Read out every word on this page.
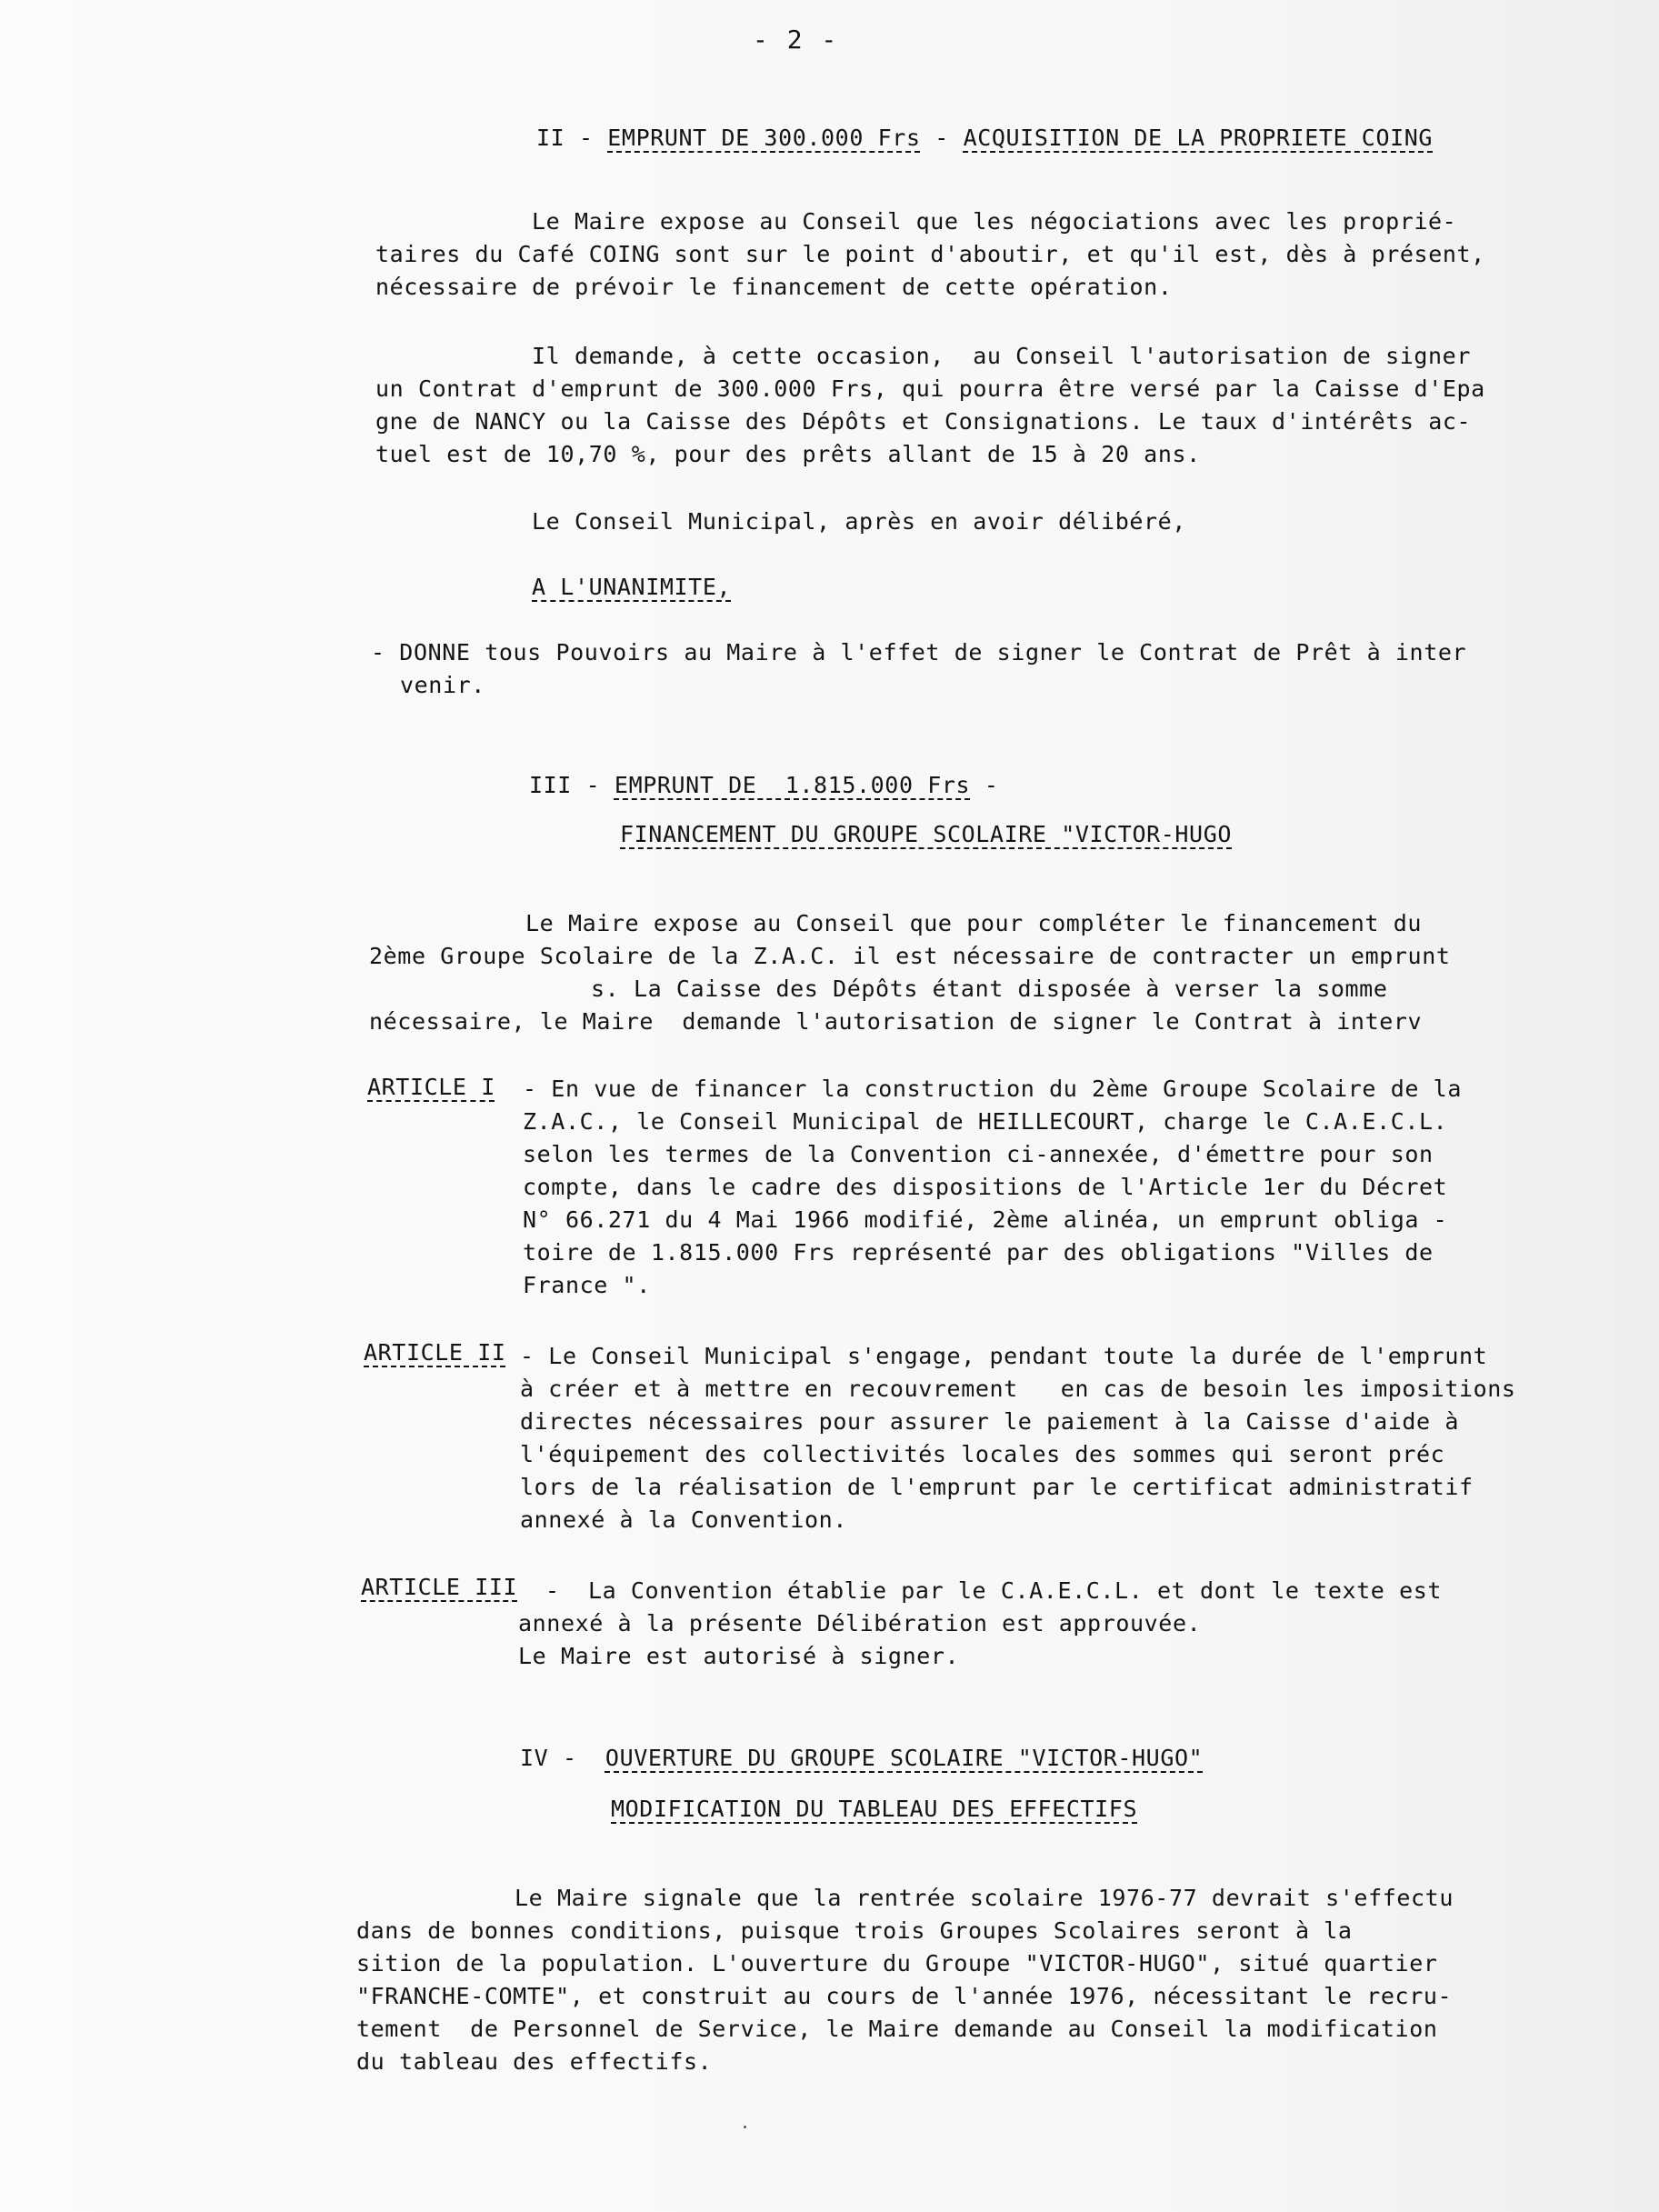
- 2 -
II - EMPRUNT DE 300.000 Frs - ACQUISITION DE LA PROPRIETE COING
Le Maire expose au Conseil que les négociations avec les proprié-
taires du Café COING sont sur le point d'aboutir, et qu'il est, dès à présent,
nécessaire de prévoir le financement de cette opération.
Il demande, à cette occasion,  au Conseil l'autorisation de signer
un Contrat d'emprunt de 300.000 Frs, qui pourra être versé par la Caisse d'Epa
gne de NANCY ou la Caisse des Dépôts et Consignations. Le taux d'intérêts ac-
tuel est de 10,70 %, pour des prêts allant de 15 à 20 ans.
Le Conseil Municipal, après en avoir délibéré,
A L'UNANIMITE,
- DONNE tous Pouvoirs au Maire à l'effet de signer le Contrat de Prêt à inter
venir.
III - EMPRUNT DE  1.815.000 Frs -
FINANCEMENT DU GROUPE SCOLAIRE "VICTOR-HUGO
Le Maire expose au Conseil que pour compléter le financement du
2ème Groupe Scolaire de la Z.A.C. il est nécessaire de contracter un emprunt
s. La Caisse des Dépôts étant disposée à verser la somme
nécessaire, le Maire  demande l'autorisation de signer le Contrat à interv
ARTICLE I - En vue de financer la construction du 2ème Groupe Scolaire de la
Z.A.C., le Conseil Municipal de HEILLECOURT, charge le C.A.E.C.L.
selon les termes de la Convention ci-annexée, d'émettre pour son
compte, dans le cadre des dispositions de l'Article 1er du Décret
N° 66.271 du 4 Mai 1966 modifié, 2ème alinéa, un emprunt obliga -
toire de 1.815.000 Frs représenté par des obligations "Villes de
France ".
ARTICLE II - Le Conseil Municipal s'engage, pendant toute la durée de l'emprunt
à créer et à mettre en recouvrement   en cas de besoin les impositions
directes nécessaires pour assurer le paiement à la Caisse d'aide à
l'équipement des collectivités locales des sommes qui seront préc
lors de la réalisation de l'emprunt par le certificat administratif
annexé à la Convention.
ARTICLE III -  La Convention établie par le C.A.E.C.L. et dont le texte est
annexé à la présente Délibération est approuvée.
Le Maire est autorisé à signer.
IV - OUVERTURE DU GROUPE SCOLAIRE "VICTOR-HUGO"
MODIFICATION DU TABLEAU DES EFFECTIFS
Le Maire signale que la rentrée scolaire 1976-77 devrait s'effectu
dans de bonnes conditions, puisque trois Groupes Scolaires seront à la
sition de la population. L'ouverture du Groupe "VICTOR-HUGO", situé quartier
"FRANCHE-COMTE", et construit au cours de l'année 1976, nécessitant le recru-
tement  de Personnel de Service, le Maire demande au Conseil la modification
du tableau des effectifs.
